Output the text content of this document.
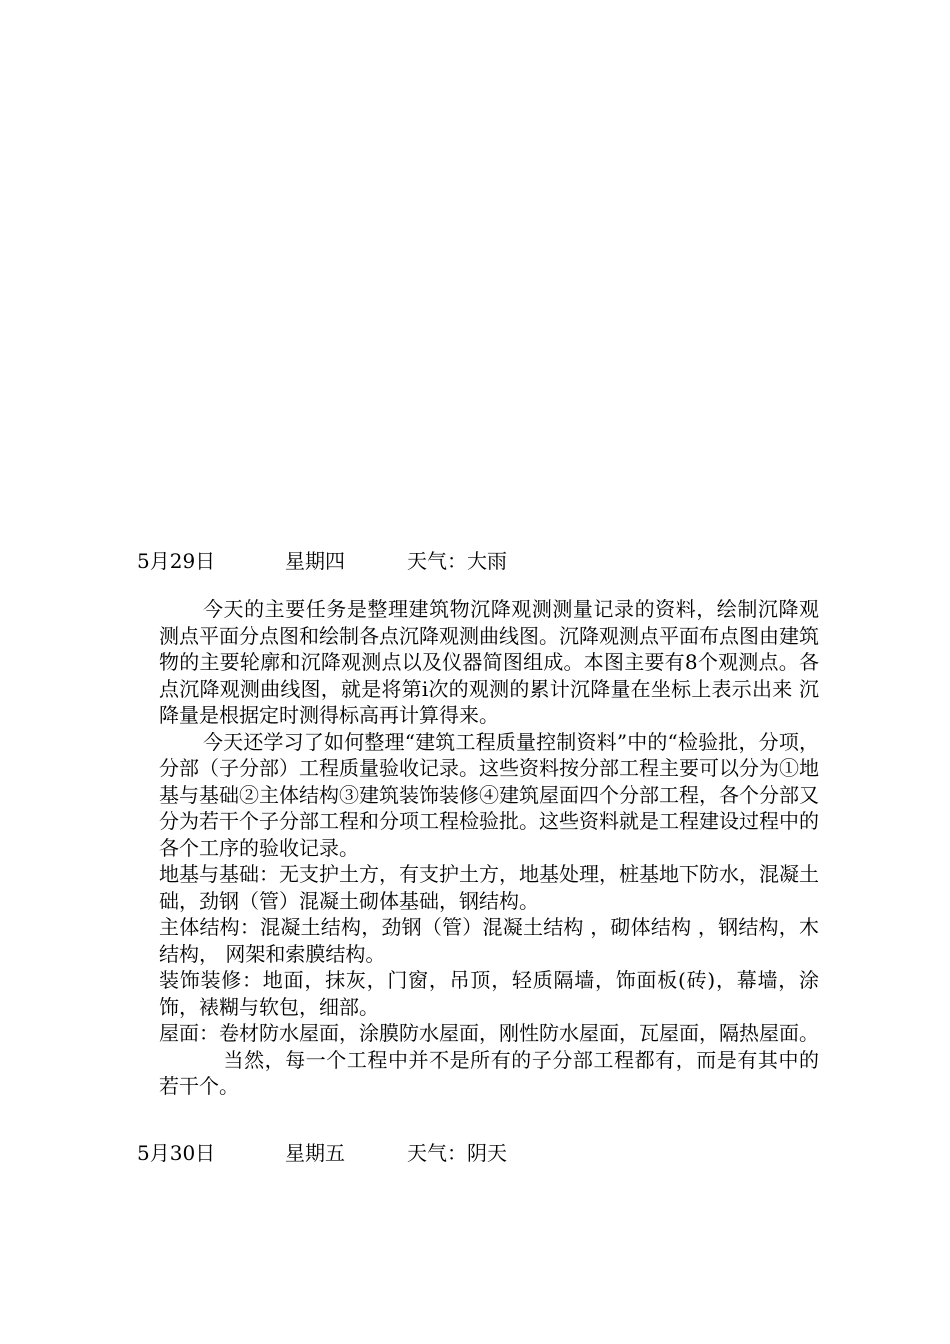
5月29日	星期四	天气：大雨

今天的主要任务是整理建筑物沉降观测测量记录的资料，绘制沉降观测点平面分点图和绘制各点沉降观测曲线图。沉降观测点平面布点图由建筑物的主要轮廓和沉降观测点以及仪器简图组成。本图主要有8个观测点。各点沉降观测曲线图，就是将第i次的观测的累计沉降量在坐标上表示出来 沉降量是根据定时测得标高再计算得来。

今天还学习了如何整理“建筑工程质量控制资料”中的“检验批，分项，分部（子分部）工程质量验收记录。这些资料按分部工程主要可以分为①地基与基础②主体结构③建筑装饰装修④建筑屋面四个分部工程，各个分部又分为若干个子分部工程和分项工程检验批。这些资料就是工程建设过程中的各个工序的验收记录。

地基与基础：无支护土方，有支护土方，地基处理，桩基地下防水，混凝土础，劲钢（管）混凝土砌体基础，钢结构。

主体结构：混凝土结构，劲钢（管）混凝土结构 ，砌体结构 ，钢结构，木结构， 网架和索膜结构。

装饰装修：地面，抹灰，门窗，吊顶，轻质隔墙，饰面板(砖)，幕墙，涂饰，裱糊与软包，细部。

屋面：卷材防水屋面，涂膜防水屋面，刚性防水屋面，瓦屋面，隔热屋面。当然，每一个工程中并不是所有的子分部工程都有，而是有其中的若干个。

5月30日	星期五	天气：阴天
